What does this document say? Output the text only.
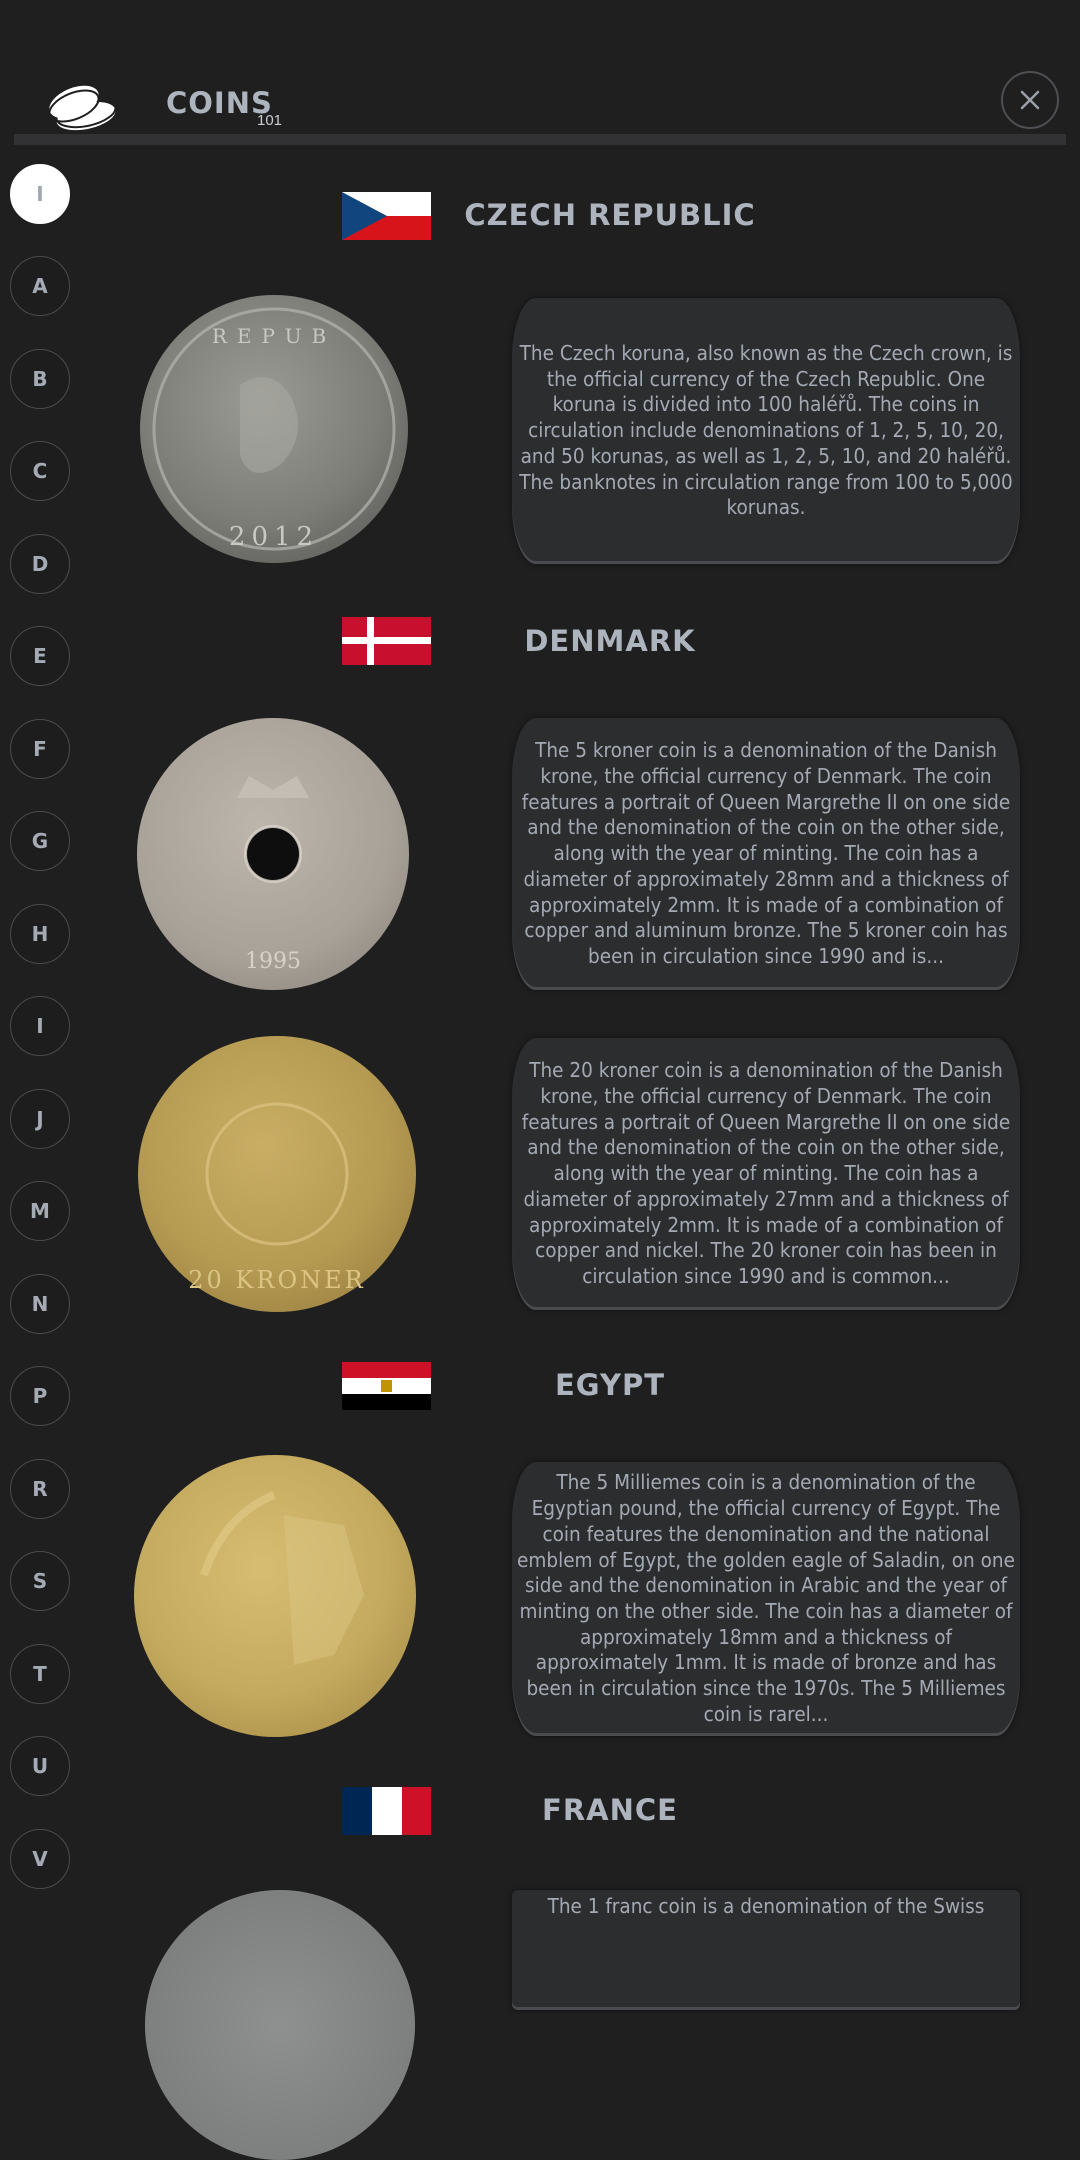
COINS
101
I
A
B
C
D
E
F
G
H
I
J
M
N
P
R
S
T
U
V
CZECH REPUBLIC
2012
REPUB
The Czech koruna, also known as the Czech crown, is the official currency of the Czech Republic. One koruna is divided into 100 haléřů. The coins in circulation include denominations of 1, 2, 5, 10, 20, and 50 korunas, as well as 1, 2, 5, 10, and 20 haléřů. The banknotes in circulation range from 100 to 5,000 korunas.
DENMARK
1995
The 5 kroner coin is a denomination of the Danish krone, the official currency of Denmark. The coin features a portrait of Queen Margrethe II on one side and the denomination of the coin on the other side, along with the year of minting. The coin has a diameter of approximately 28mm and a thickness of approximately 2mm. It is made of a combination of copper and aluminum bronze. The 5 kroner coin has been in circulation since 1990 and is...
20 KRONER
The 20 kroner coin is a denomination of the Danish krone, the official currency of Denmark. The coin features a portrait of Queen Margrethe II on one side and the denomination of the coin on the other side, along with the year of minting. The coin has a diameter of approximately 27mm and a thickness of approximately 2mm. It is made of a combination of copper and nickel. The 20 kroner coin has been in circulation since 1990 and is common...
EGYPT
The 5 Milliemes coin is a denomination of the Egyptian pound, the official currency of Egypt. The coin features the denomination and the national emblem of Egypt, the golden eagle of Saladin, on one side and the denomination in Arabic and the year of minting on the other side. The coin has a diameter of approximately 18mm and a thickness of approximately 1mm. It is made of bronze and has been in circulation since the 1970s. The 5 Milliemes coin is rarel...
FRANCE
The 1 franc coin is a denomination of the Swiss
